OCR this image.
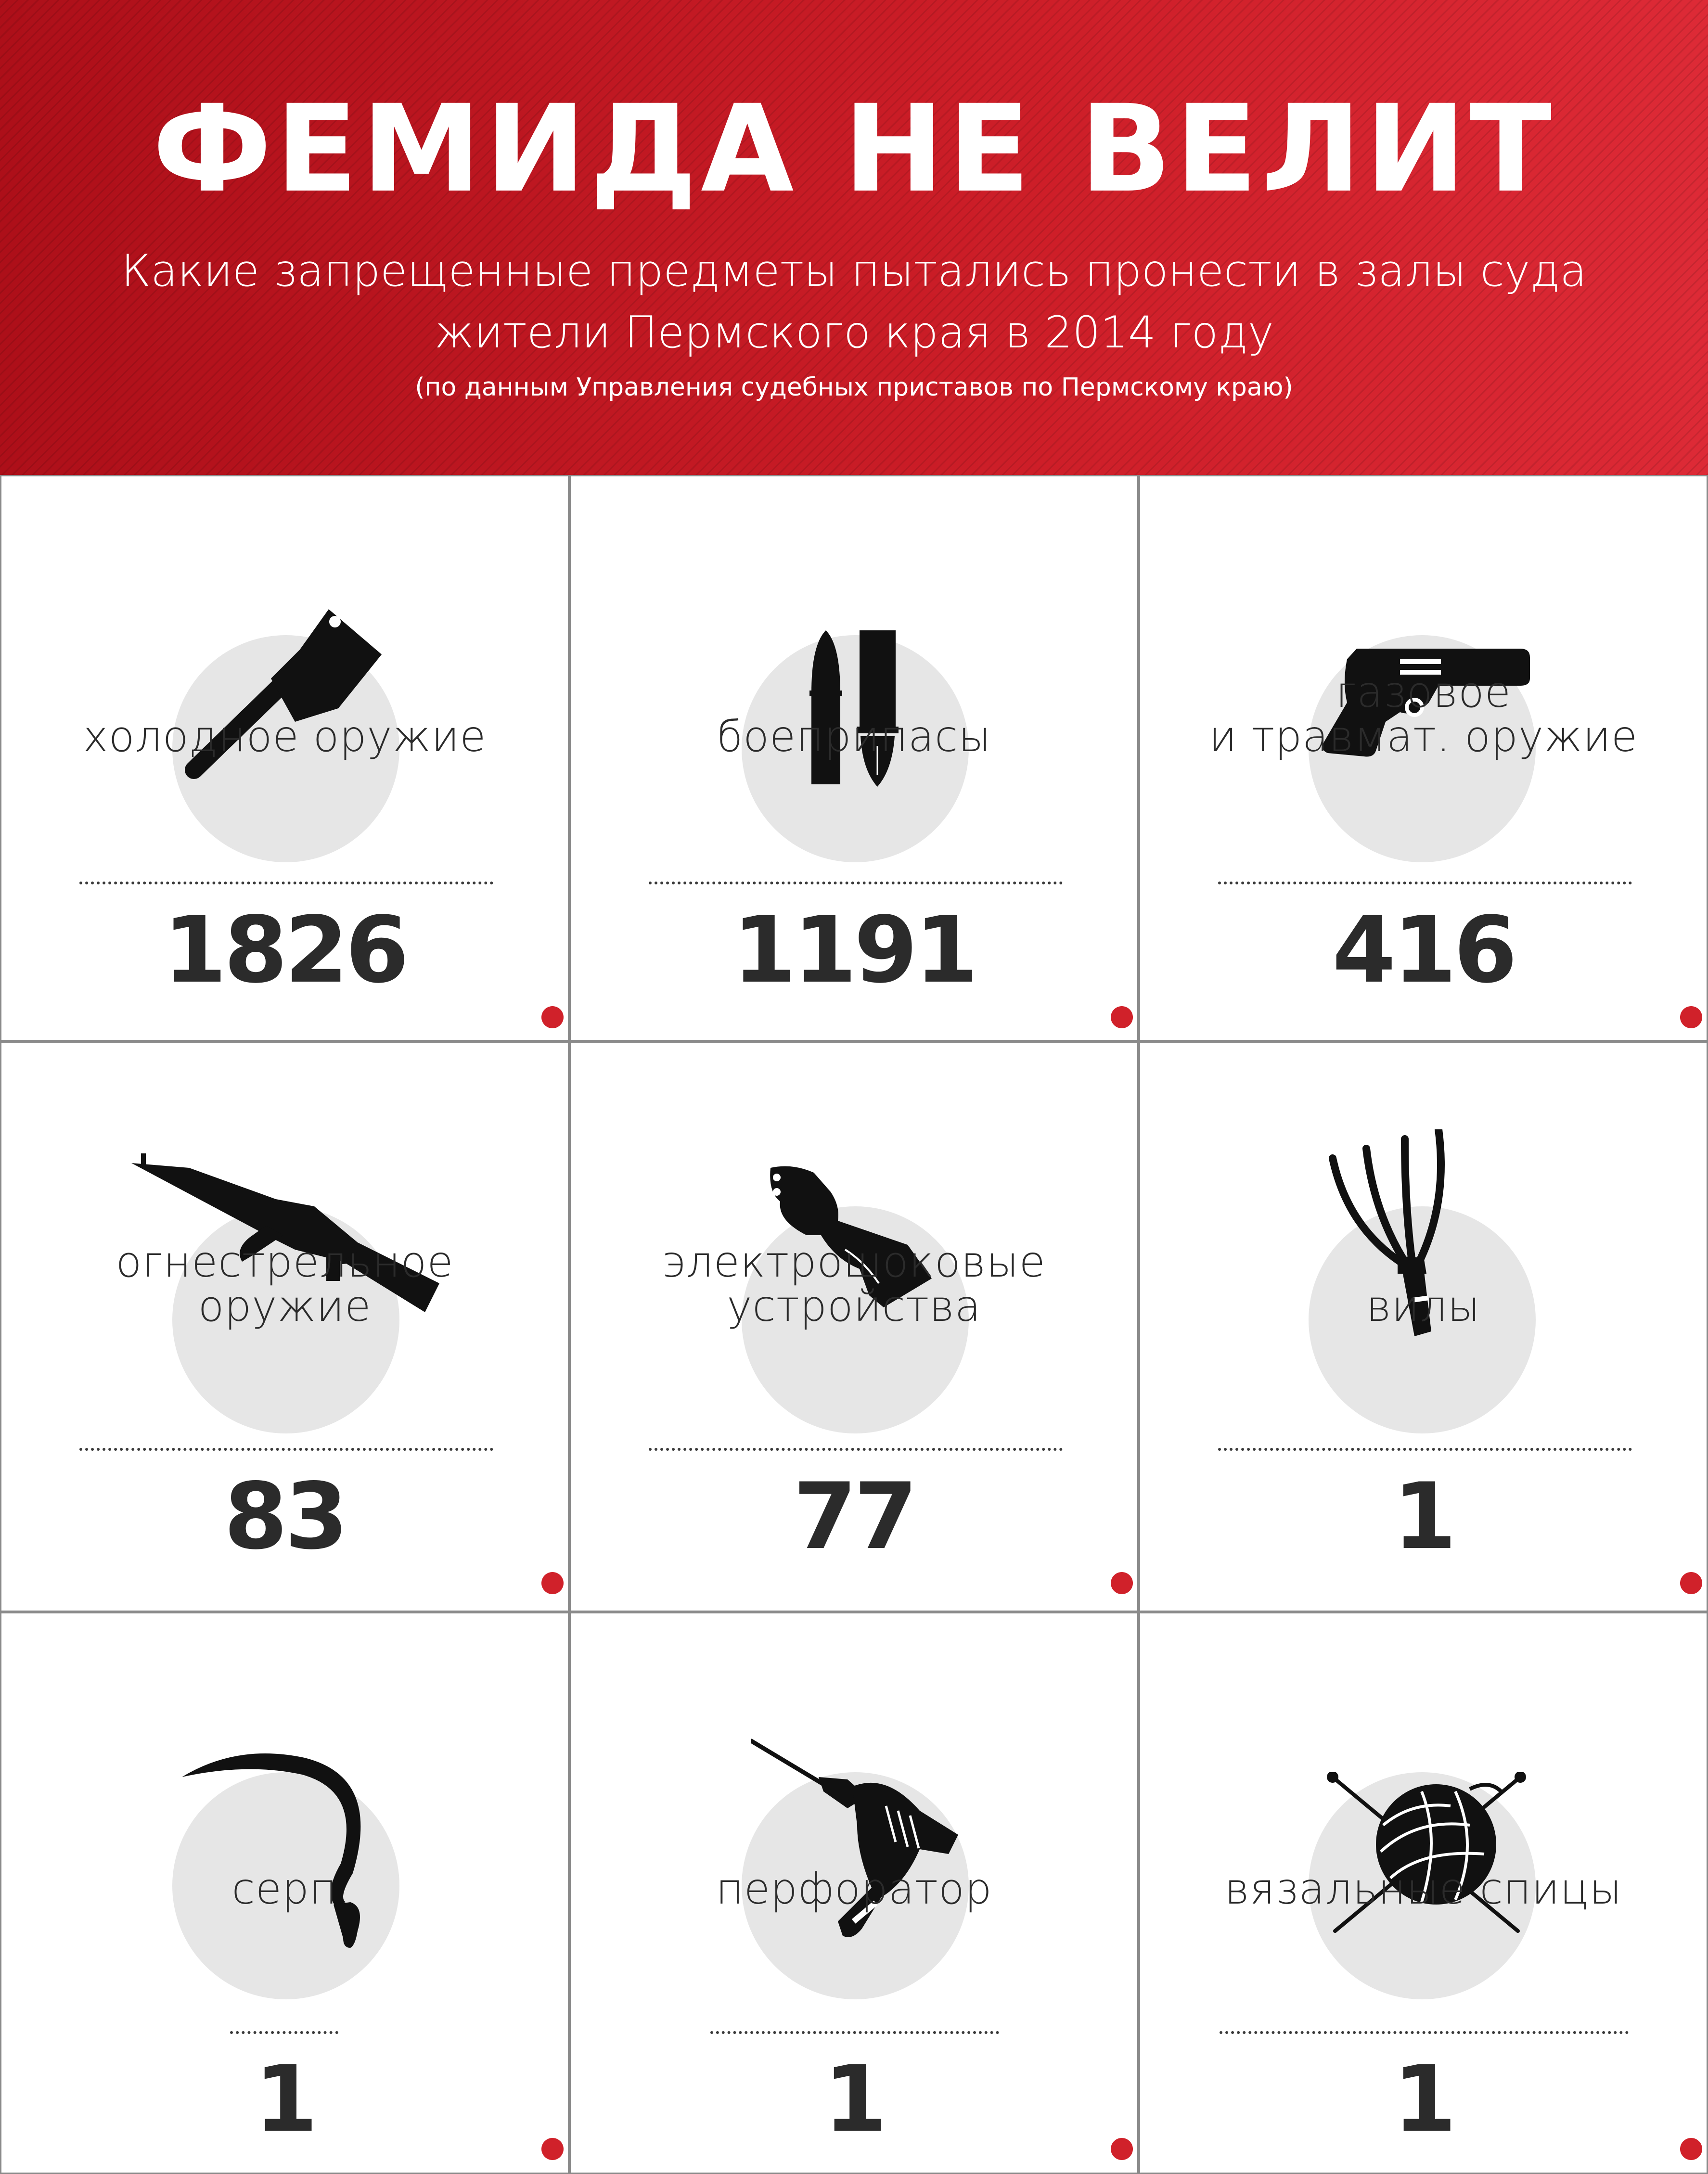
ФЕМИДА НЕ ВЕЛИТ
Какие запрещенные предметы пытались пронести в залы суда
жители Пермского края в 2014 году
(по данным Управления судебных приставов по Пермскому краю)
холодное оружие
1826
боеприпасы
1191
газовое
и травмат. оружие
416
огнестрельное
оружие
83
электрошоковые
устройства
77
вилы
1
серп
1
перфоратор
1
вязальные спицы
1
